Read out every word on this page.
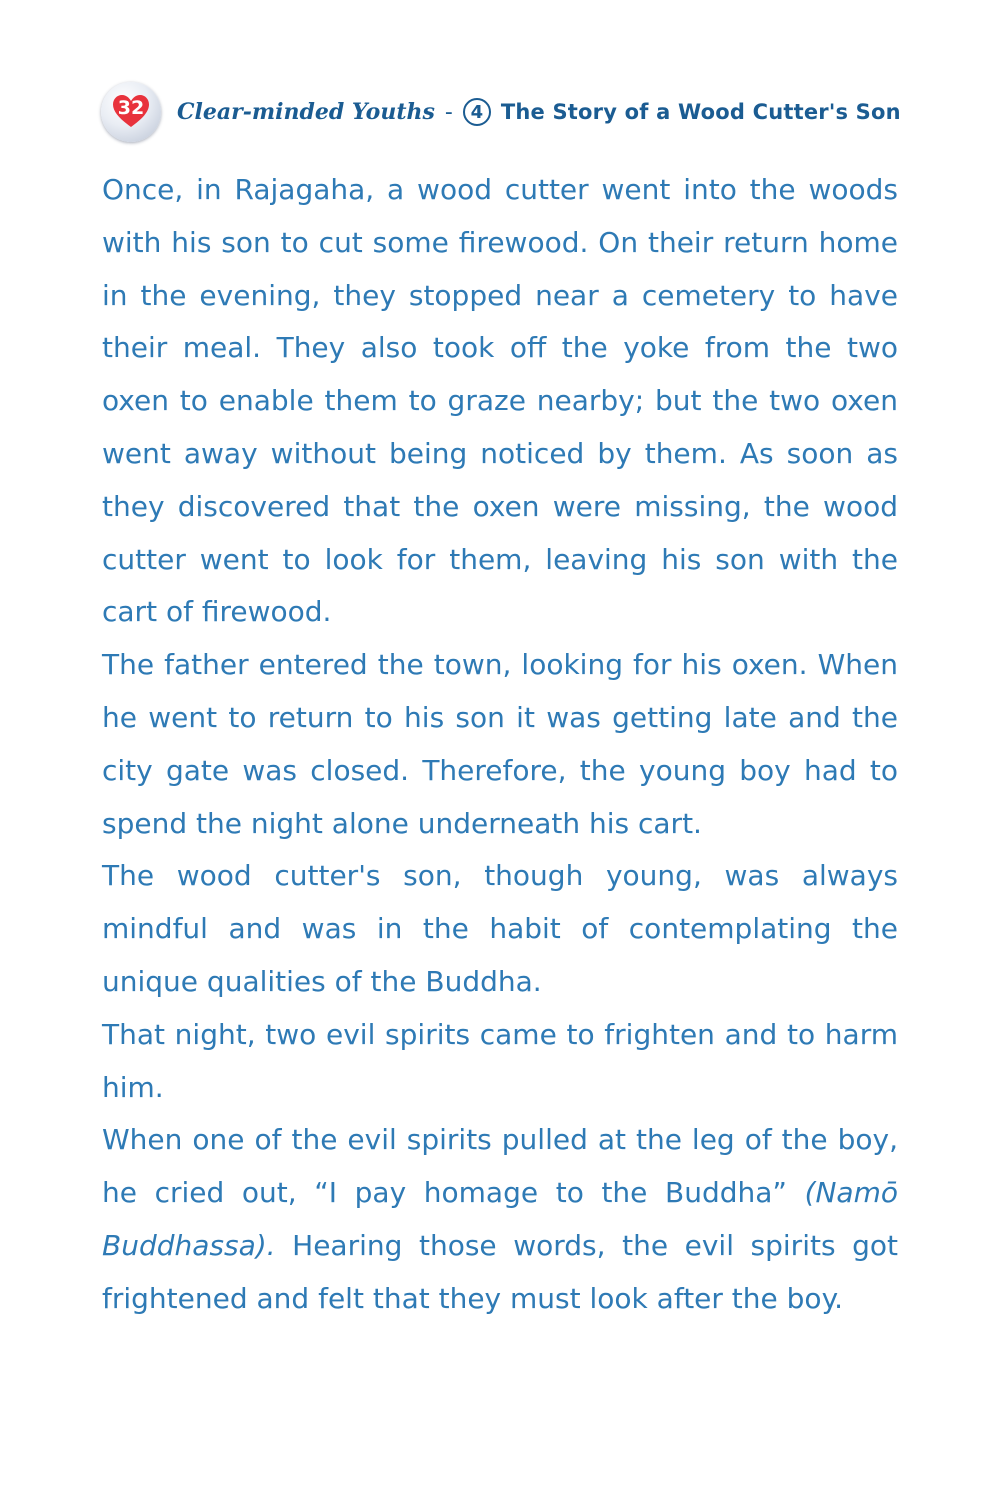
32	Clear-minded Youths - 4 The Story of a Wood Cutter's Son

Once, in Rajagaha, a wood cutter went into the woods with his son to cut some firewood. On their return home in the evening, they stopped near a cemetery to have their meal. They also took off the yoke from the two oxen to enable them to graze nearby; but the two oxen went away without being noticed by them. As soon as they discovered that the oxen were missing, the wood cutter went to look for them, leaving his son with the cart of firewood.

The father entered the town, looking for his oxen. When he went to return to his son it was getting late and the city gate was closed. Therefore, the young boy had to spend the night alone underneath his cart.

The wood cutter's son, though young, was always mindful and was in the habit of contemplating the unique qualities of the Buddha.

That night, two evil spirits came to frighten and to harm him.

When one of the evil spirits pulled at the leg of the boy, he cried out, “I pay homage to the Buddha” (Namō Buddhassa). Hearing those words, the evil spirits got frightened and felt that they must look after the boy.
